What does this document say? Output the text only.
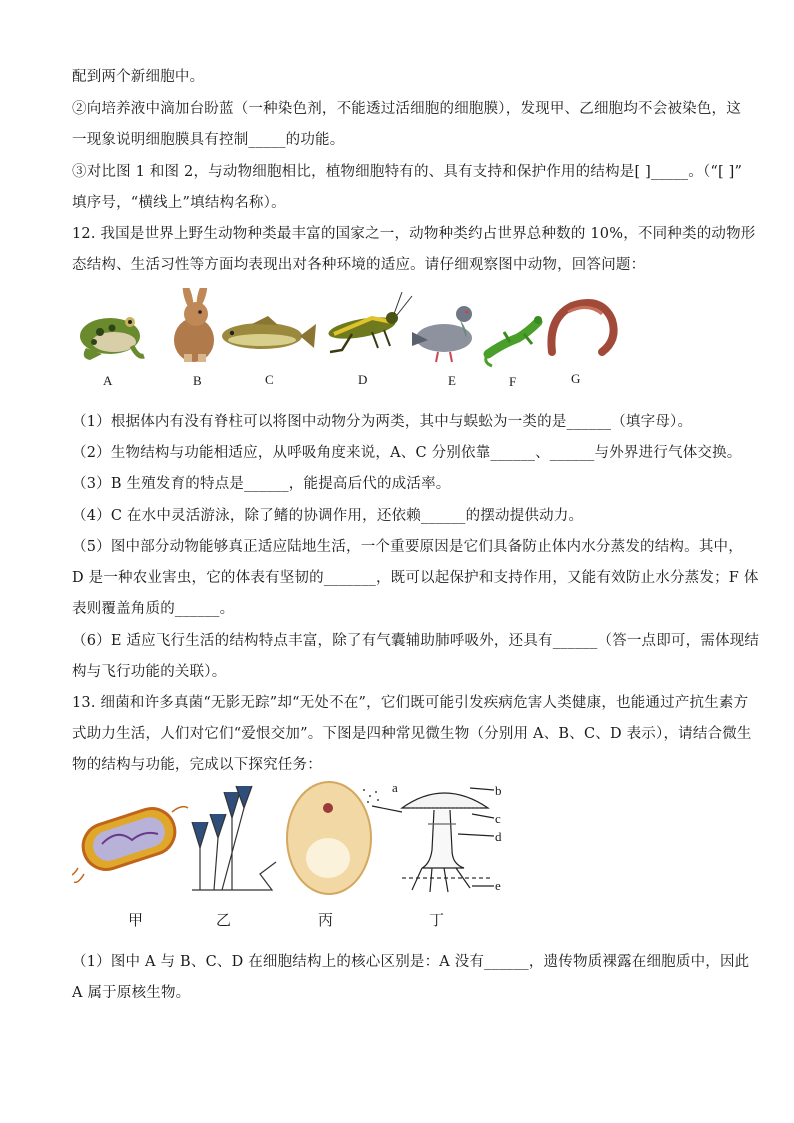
配到两个新细胞中。
②向培养液中滴加台盼蓝（一种染色剂，不能透过活细胞的细胞膜），发现甲、乙细胞均不会被染色，这
一现象说明细胞膜具有控制_____的功能。
③对比图 1 和图 2，与动物细胞相比，植物细胞特有的、具有支持和保护作用的结构是[ ]_____。（“[ ]”
填序号，“横线上”填结构名称）。
12. 我国是世界上野生动物种类最丰富的国家之一，动物种类约占世界总种数的 10%，不同种类的动物形
态结构、生活习性等方面均表现出对各种环境的适应。请仔细观察图中动物，回答问题：
A	B	C	D	E	F	G
（1）根据体内有没有脊柱可以将图中动物分为两类，其中与蜈蚣为一类的是______（填字母）。
（2）生物结构与功能相适应，从呼吸角度来说，A、C 分别依靠______、______与外界进行气体交换。
（3）B 生殖发育的特点是______，能提高后代的成活率。
（4）C 在水中灵活游泳，除了鳍的协调作用，还依赖______的摆动提供动力。
（5）图中部分动物能够真正适应陆地生活，一个重要原因是它们具备防止体内水分蒸发的结构。其中，
D 是一种农业害虫，它的体表有坚韧的_______，既可以起保护和支持作用，又能有效防止水分蒸发；F 体
表则覆盖角质的______。
（6）E 适应飞行生活的结构特点丰富，除了有气囊辅助肺呼吸外，还具有______（答一点即可，需体现结
构与飞行功能的关联）。
13. 细菌和许多真菌“无影无踪”却“无处不在”，它们既可能引发疾病危害人类健康，也能通过产抗生素方
式助力生活，人们对它们“爱恨交加”。下图是四种常见微生物（分别用 A、B、C、D 表示），请结合微生
物的结构与功能，完成以下探究任务：
a	b
c
d
e
甲	乙	丙	丁
（1）图中 A 与 B、C、D 在细胞结构上的核心区别是：A 没有______，遗传物质裸露在细胞质中，因此
A 属于原核生物。
